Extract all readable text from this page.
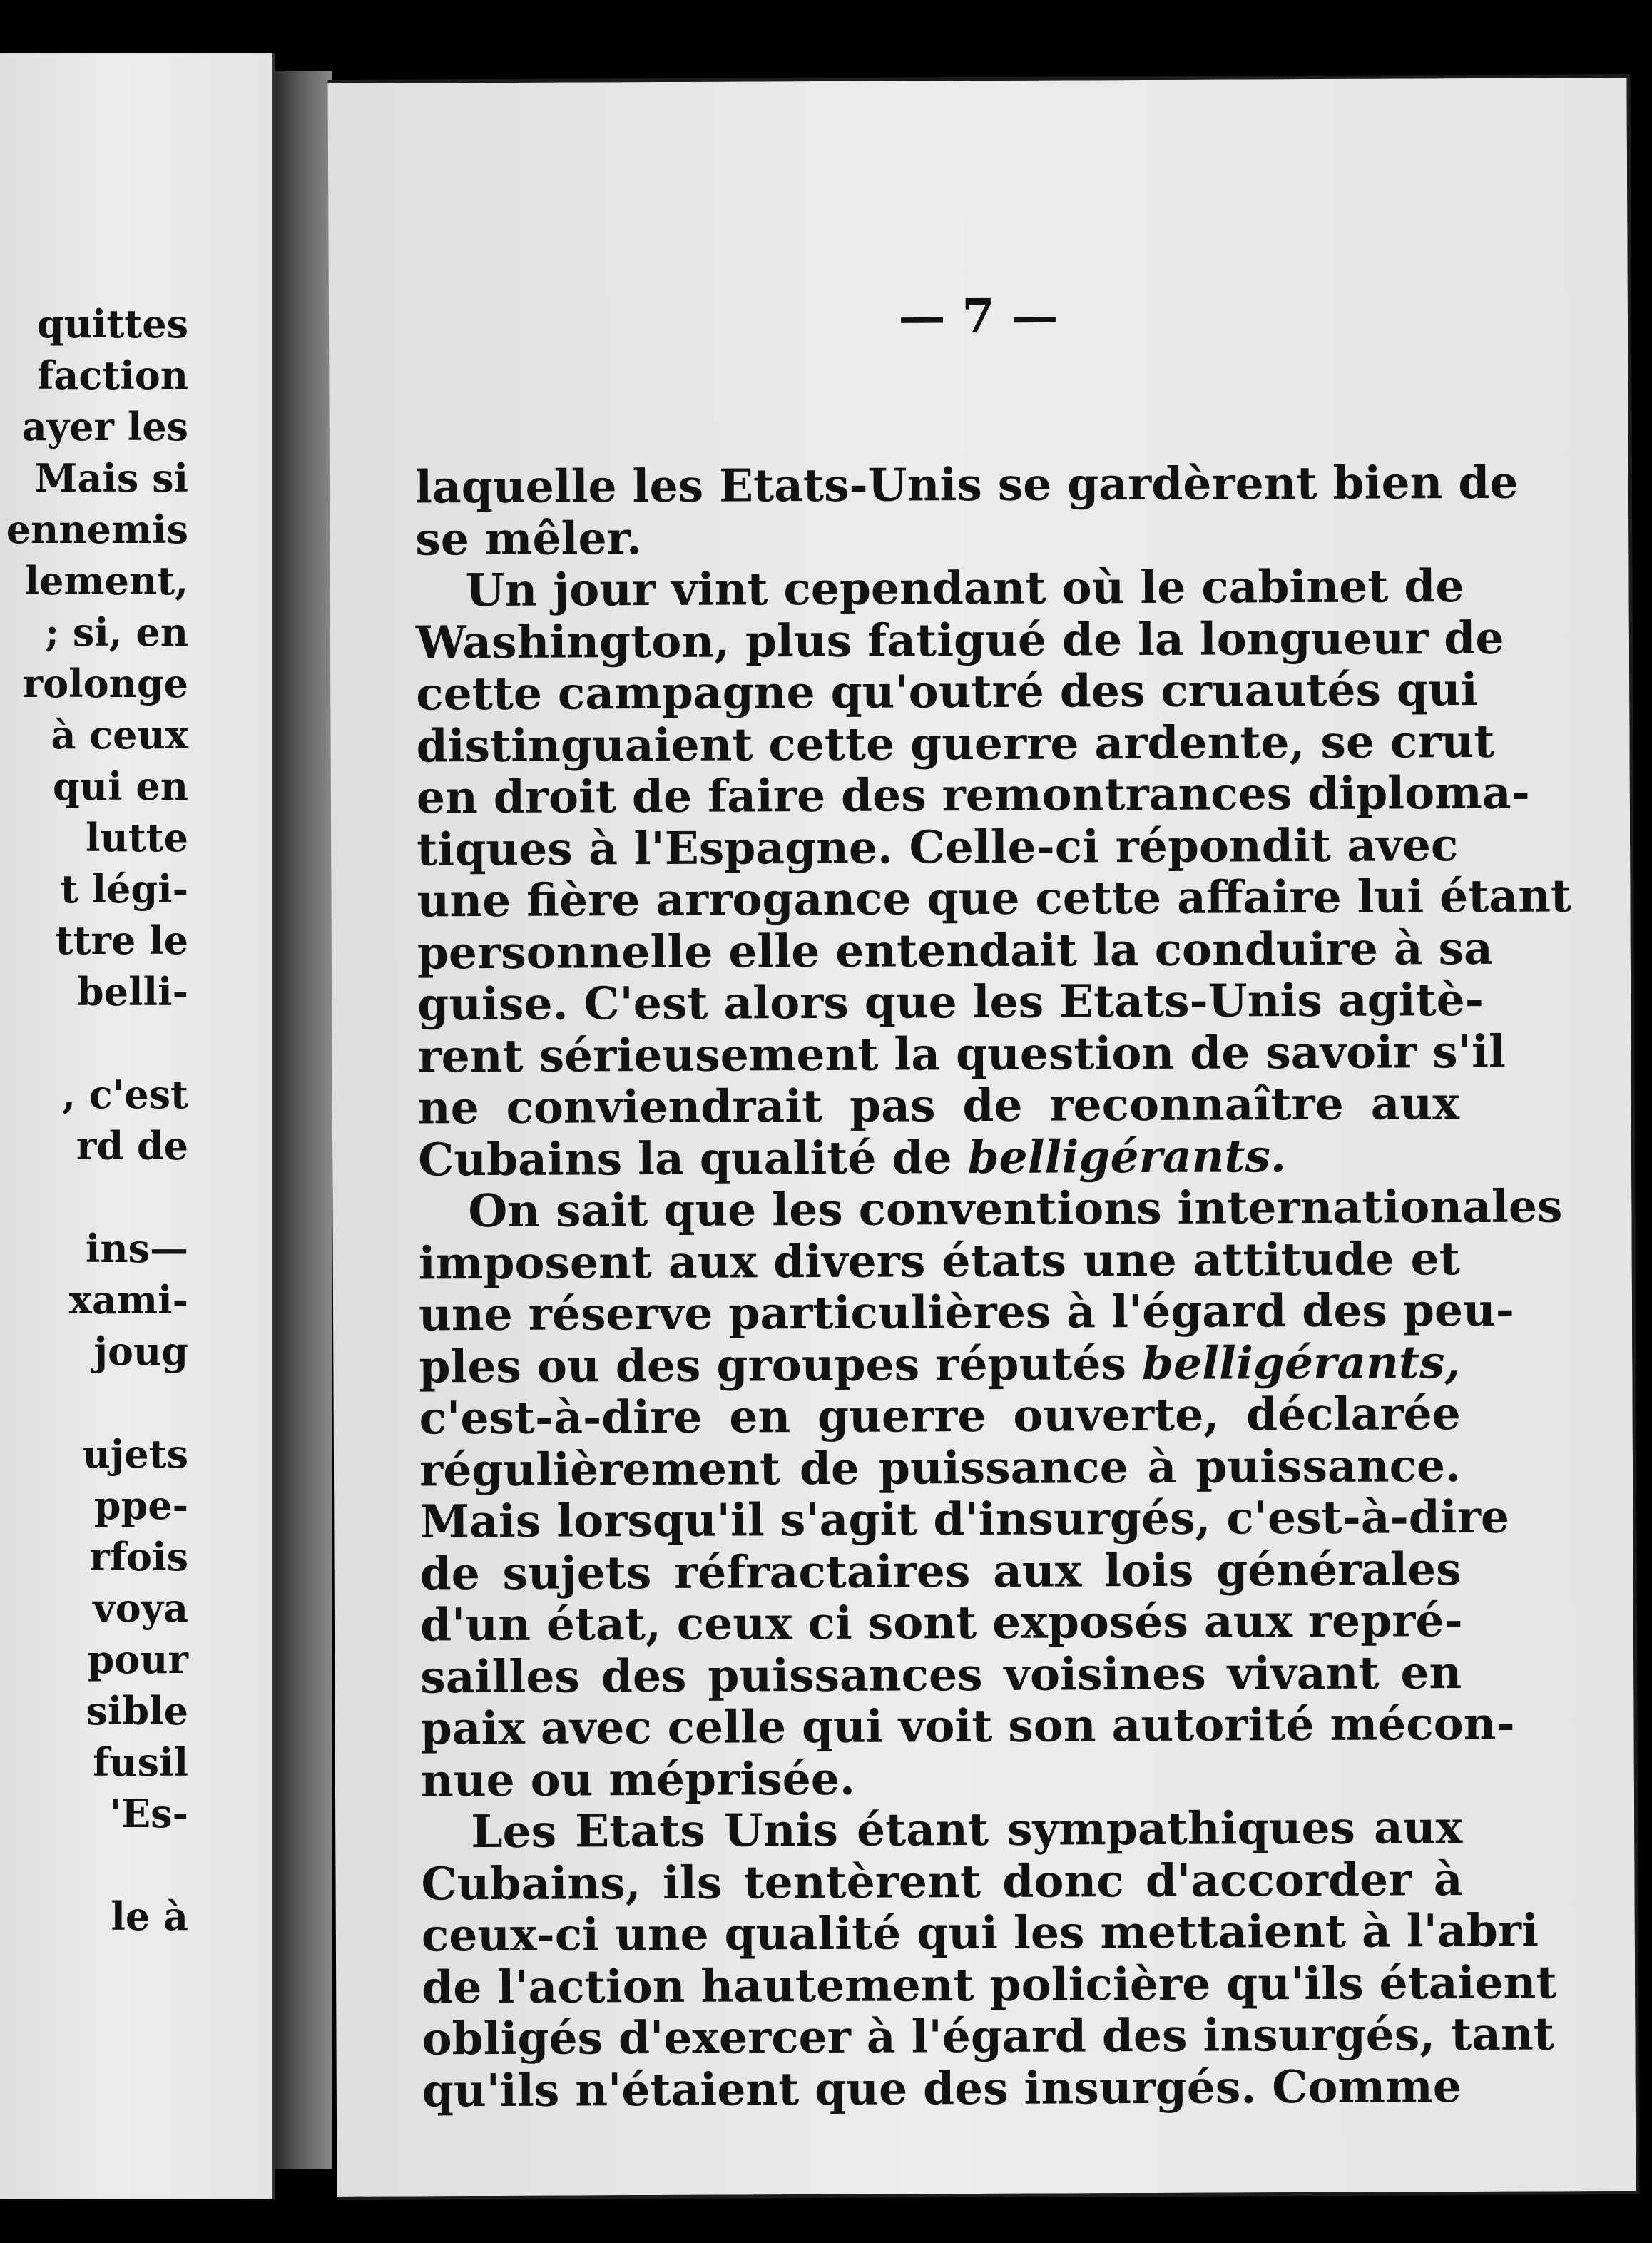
quittes
faction
ayer les
Mais si
ennemis
lement,
; si, en
rolonge
à ceux
qui en
lutte
t légi-
ttre le
belli-
, c'est
rd de
ins—
xami-
joug
ujets
ppe-
rfois
voya
pour
sible
fusil
'Es-
le à
— 7 —
laquelle les Etats-Unis se gardèrent bien de
se mêler.
Un jour vint cependant où le cabinet de
Washington, plus fatigué de la longueur de
cette campagne qu'outré des cruautés qui
distinguaient cette guerre ardente, se crut
en droit de faire des remontrances diploma-
tiques à l'Espagne. Celle-ci répondit avec
une fière arrogance que cette affaire lui étant
personnelle elle entendait la conduire à sa
guise. C'est alors que les Etats-Unis agitè-
rent sérieusement la question de savoir s'il
ne conviendrait pas de reconnaître aux
Cubains la qualité de belligérants.
On sait que les conventions internationales
imposent aux divers états une attitude et
une réserve particulières à l'égard des peu-
ples ou des groupes réputés belligérants,
c'est-à-dire en guerre ouverte, déclarée
régulièrement de puissance à puissance.
Mais lorsqu'il s'agit d'insurgés, c'est-à-dire
de sujets réfractaires aux lois générales
d'un état, ceux ci sont exposés aux repré-
sailles des puissances voisines vivant en
paix avec celle qui voit son autorité mécon-
nue ou méprisée.
Les Etats Unis étant sympathiques aux
Cubains, ils tentèrent donc d'accorder à
ceux-ci une qualité qui les mettaient à l'abri
de l'action hautement policière qu'ils étaient
obligés d'exercer à l'égard des insurgés, tant
qu'ils n'étaient que des insurgés. Comme
